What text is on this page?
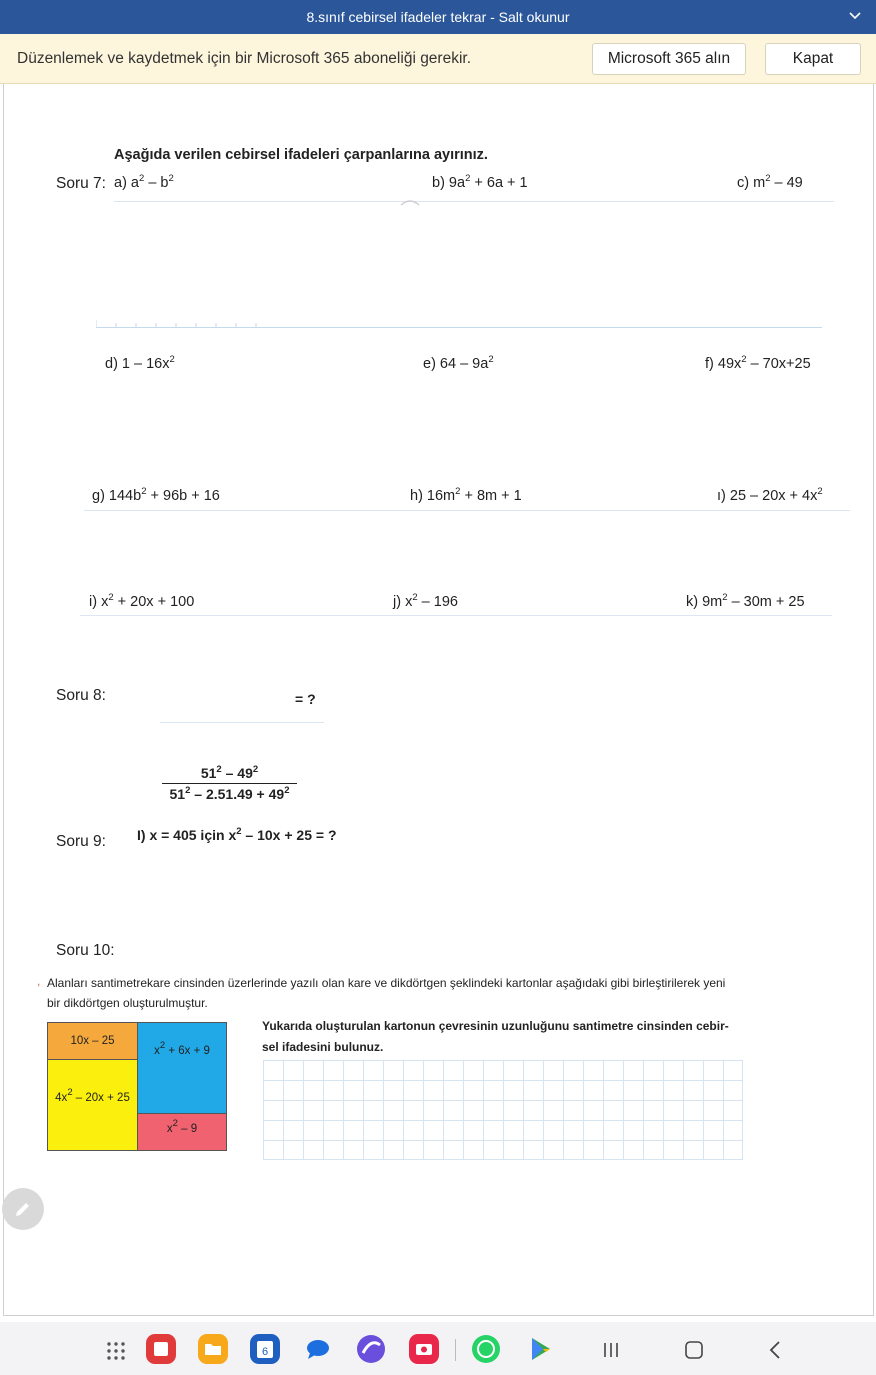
8.sınıf cebirsel ifadeler tekrar - Salt okunur
Düzenlemek ve kaydetmek için bir Microsoft 365 aboneliği gerekir.	Microsoft 365 alın	Kapat
Aşağıda verilen cebirsel ifadeleri çarpanlarına ayırınız.
Soru 7: a) $a^2 - b^2$	b) $9a^2 + 6a + 1$	c) $m^2 - 49$
d) $1 - 16x^2$	e) $64 - 9a^2$	f) $49x^2 - 70x+25$
g) $144b^2 + 96b + 16$	h) $16m^2 + 8m + 1$	ı) $25 - 20x + 4x^2$
i) $x^2 + 20x + 100$	j) $x^2 - 196$	k) $9m^2 - 30m + 25$
Soru 8:
$\frac{51^2 - 49^2}{51^2 - 2.51.49 + 49^2}$
= ?
Soru 9: I) x = 405 için $x^2 - 10x + 25$ = ?
Soru 10:
, Alanları santimetrekare cinsinden üzerlerinde yazılı olan kare ve dikdörtgen şeklindeki kartonlar aşağıdaki gibi birleştirilerek yeni
bir dikdörtgen oluşturulmuştur.
10x – 25
$x^2 + 6x + 9$
$4x^2 - 20x + 25$
$x^2 - 9$
Yukarıda oluşturulan kartonun çevresinin uzunluğunu santimetre cinsinden cebir-
sel ifadesini bulunuz.
6
